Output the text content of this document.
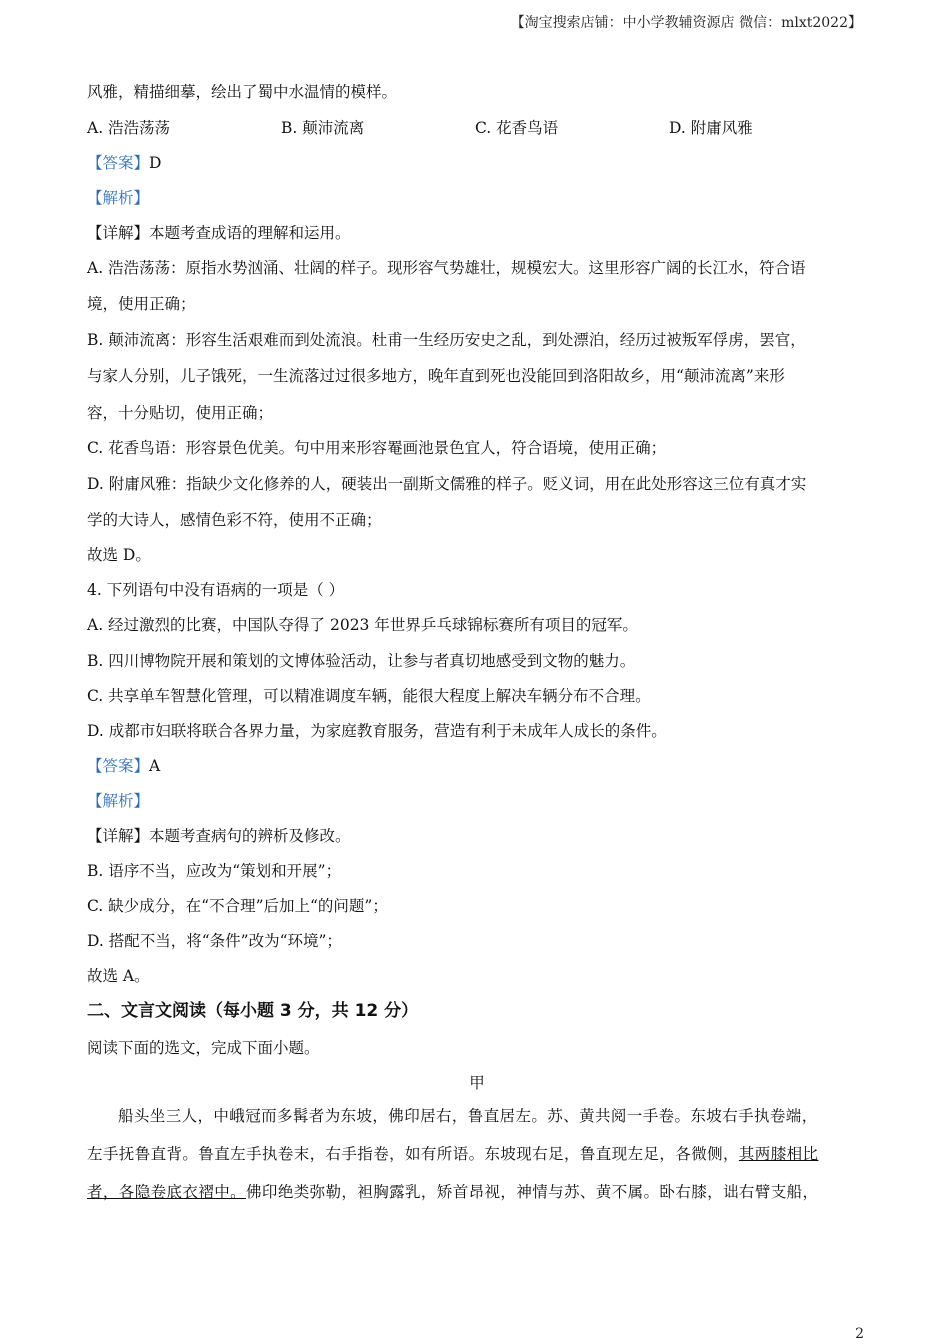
【淘宝搜索店铺：中小学教辅资源店 微信：mlxt2022】
风雅，精描细摹，绘出了蜀中水温情的模样。
A. 浩浩荡荡	B. 颠沛流离	C. 花香鸟语	D. 附庸风雅
【答案】D
【解析】
【详解】本题考查成语的理解和运用。
A. 浩浩荡荡：原指水势汹涌、壮阔的样子。现形容气势雄壮，规模宏大。这里形容广阔的长江水，符合语
境，使用正确；
B. 颠沛流离：形容生活艰难而到处流浪。杜甫一生经历安史之乱，到处漂泊，经历过被叛军俘虏，罢官，
与家人分别，儿子饿死，一生流落过过很多地方，晚年直到死也没能回到洛阳故乡，用“颠沛流离”来形
容，十分贴切，使用正确；
C. 花香鸟语：形容景色优美。句中用来形容罨画池景色宜人，符合语境，使用正确；
D. 附庸风雅：指缺少文化修养的人，硬装出一副斯文儒雅的样子。贬义词，用在此处形容这三位有真才实
学的大诗人，感情色彩不符，使用不正确；
故选 D。
4. 下列语句中没有语病的一项是（ ）
A. 经过激烈的比赛，中国队夺得了 2023 年世界乒乓球锦标赛所有项目的冠军。
B. 四川博物院开展和策划的文博体验活动，让参与者真切地感受到文物的魅力。
C. 共享单车智慧化管理，可以精准调度车辆，能很大程度上解决车辆分布不合理。
D. 成都市妇联将联合各界力量，为家庭教育服务，营造有利于未成年人成长的条件。
【答案】A
【解析】
【详解】本题考查病句的辨析及修改。
B. 语序不当，应改为“策划和开展”；
C. 缺少成分，在“不合理”后加上“的问题”；
D. 搭配不当，将“条件”改为“环境”；
故选 A。
二、文言文阅读（每小题 3 分，共 12 分）
阅读下面的选文，完成下面小题。
甲
船头坐三人，中峨冠而多髯者为东坡，佛印居右，鲁直居左。苏、黄共阅一手卷。东坡右手执卷端，
左手抚鲁直背。鲁直左手执卷末，右手指卷，如有所语。东坡现右足，鲁直现左足，各微侧，其两膝相比
者，各隐卷底衣褶中。佛印绝类弥勒，袒胸露乳，矫首昂视，神情与苏、黄不属。卧右膝，诎右臂支船，
2
